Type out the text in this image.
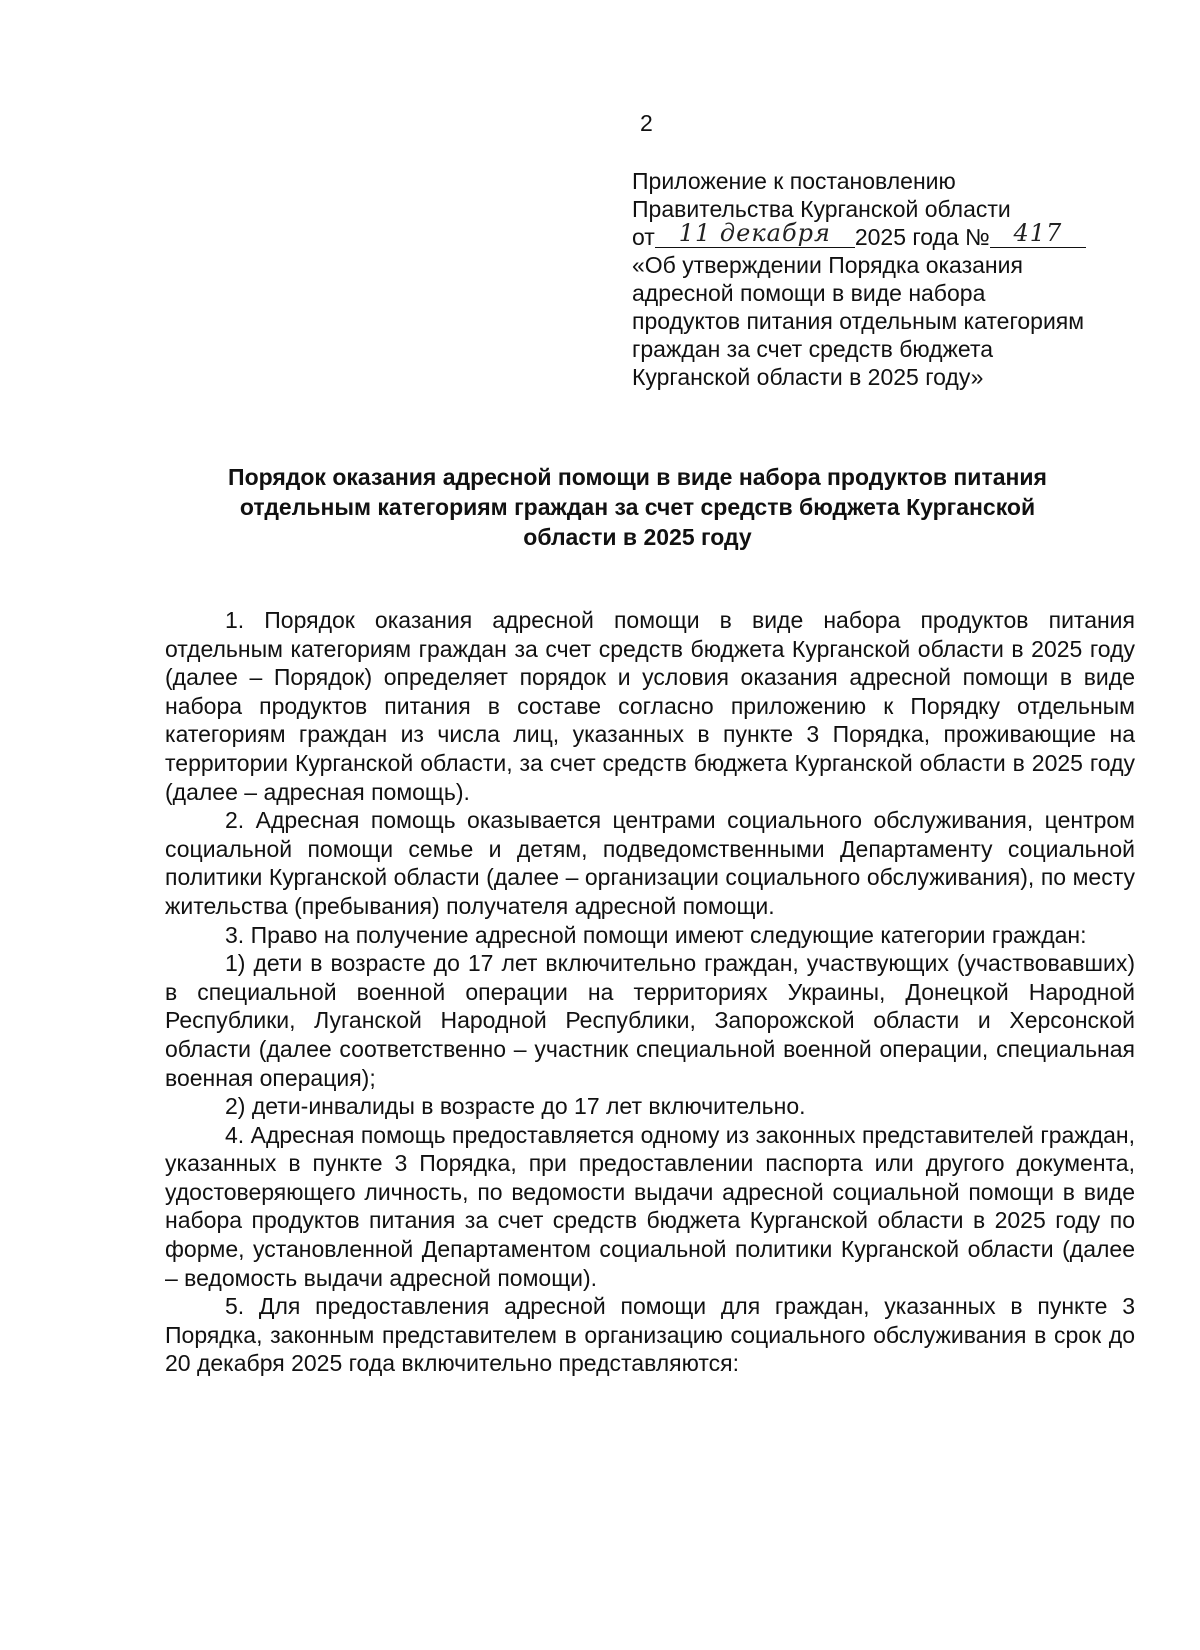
2
Приложение к постановлению
Правительства Курганской области
от 11 декабря 2025 года № 417
«Об утверждении Порядка оказания
адресной помощи в виде набора
продуктов питания отдельным категориям
граждан за счет средств бюджета
Курганской области в 2025 году»
Порядок оказания адресной помощи в виде набора продуктов питания
отдельным категориям граждан за счет средств бюджета Курганской
области в 2025 году

1. Порядок оказания адресной помощи в виде набора продуктов питания отдельным категориям граждан за счет средств бюджета Курганской области в 2025 году (далее – Порядок) определяет порядок и условия оказания адресной помощи в виде набора продуктов питания в составе согласно приложению к Порядку отдельным категориям граждан из числа лиц, указанных в пункте 3 Порядка, проживающие на территории Курганской области, за счет средств бюджета Курганской области в 2025 году (далее – адресная помощь).

2. Адресная помощь оказывается центрами социального обслуживания, центром социальной помощи семье и детям, подведомственными Департаменту социальной политики Курганской области (далее – организации социального обслуживания), по месту жительства (пребывания) получателя адресной помощи.

3. Право на получение адресной помощи имеют следующие категории граждан:

1) дети в возрасте до 17 лет включительно граждан, участвующих (участвовавших) в специальной военной операции на территориях Украины, Донецкой Народной Республики, Луганской Народной Республики, Запорожской области и Херсонской области (далее соответственно – участник специальной военной операции, специальная военная операция);

2) дети-инвалиды в возрасте до 17 лет включительно.

4. Адресная помощь предоставляется одному из законных представителей граждан, указанных в пункте 3 Порядка, при предоставлении паспорта или другого документа, удостоверяющего личность, по ведомости выдачи адресной социальной помощи в виде набора продуктов питания за счет средств бюджета Курганской области в 2025 году по форме, установленной Департаментом социальной политики Курганской области (далее – ведомость выдачи адресной помощи).

5. Для предоставления адресной помощи для граждан, указанных в пункте 3 Порядка, законным представителем в организацию социального обслуживания в срок до 20 декабря 2025 года включительно представляются:
